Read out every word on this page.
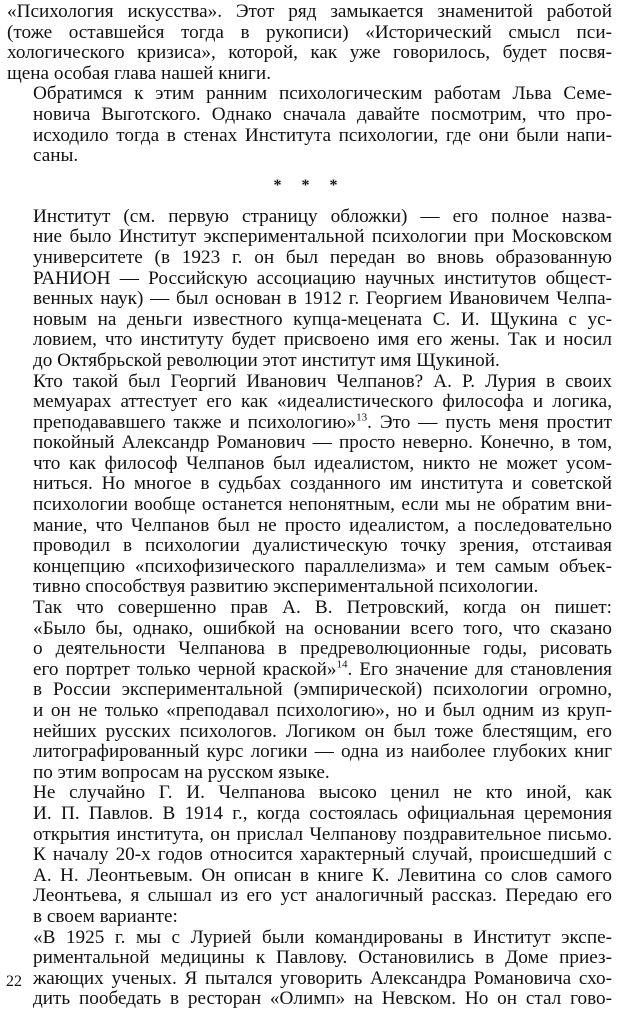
«Психология искусства». Этот ряд замыкается знаменитой работой
(тоже оставшейся тогда в рукописи) «Исторический смысл пси-
хологического кризиса», которой, как уже говорилось, будет посвя-
щена особая глава нашей книги.

Обратимся к этим ранним психологическим работам Льва Семе-
новича Выготского. Однако сначала давайте посмотрим, что про-
исходило тогда в стенах Института психологии, где они были напи-
саны.

* * *

Институт (см. первую страницу обложки) — его полное назва-
ние было Институт экспериментальной психологии при Московском
университете (в 1923 г. он был передан во вновь образованную
РАНИОН — Российскую ассоциацию научных институтов общест-
венных наук) — был основан в 1912 г. Георгием Ивановичем Челпа-
новым на деньги известного купца-мецената С. И. Щукина с ус-
ловием, что институту будет присвоено имя его жены. Так и носил
до Октябрьской революции этот институт имя Щукиной.

Кто такой был Георгий Иванович Челпанов? А. Р. Лурия в своих
мемуарах аттестует его как «идеалистического философа и логика,
преподававшего также и психологию»$^{13}$. Это — пусть меня простит
покойный Александр Романович — просто неверно. Конечно, в том,
что как философ Челпанов был идеалистом, никто не может усом-
ниться. Но многое в судьбах созданного им института и советской
психологии вообще останется непонятным, если мы не обратим вни-
мание, что Челпанов был не просто идеалистом, а последовательно
проводил в психологии дуалистическую точку зрения, отстаивая
концепцию «психофизического параллелизма» и тем самым объек-
тивно способствуя развитию экспериментальной психологии.

Так что совершенно прав А. В. Петровский, когда он пишет:
«Было бы, однако, ошибкой на основании всего того, что сказано
о деятельности Челпанова в предреволюционные годы, рисовать
его портрет только черной краской»$^{14}$. Его значение для становления
в России экспериментальной (эмпирической) психологии огромно,
и он не только «преподавал психологию», но и был одним из круп-
нейших русских психологов. Логиком он был тоже блестящим, его
литографированный курс логики — одна из наиболее глубоких книг
по этим вопросам на русском языке.

Не случайно Г. И. Челпанова высоко ценил не кто иной, как
И. П. Павлов. В 1914 г., когда состоялась официальная церемония
открытия института, он прислал Челпанову поздравительное письмо.
К началу 20-х годов относится характерный случай, происшедший с
А. Н. Леонтьевым. Он описан в книге К. Левитина со слов самого
Леонтьева, я слышал из его уст аналогичный рассказ. Передаю его
в своем варианте:

«В 1925 г. мы с Лурией были командированы в Институт экспе-
риментальной медицины к Павлову. Остановились в Доме приез-
жающих ученых. Я пытался уговорить Александра Романовича схо-
дить пообедать в ресторан «Олимп» на Невском. Но он стал гово-

22
